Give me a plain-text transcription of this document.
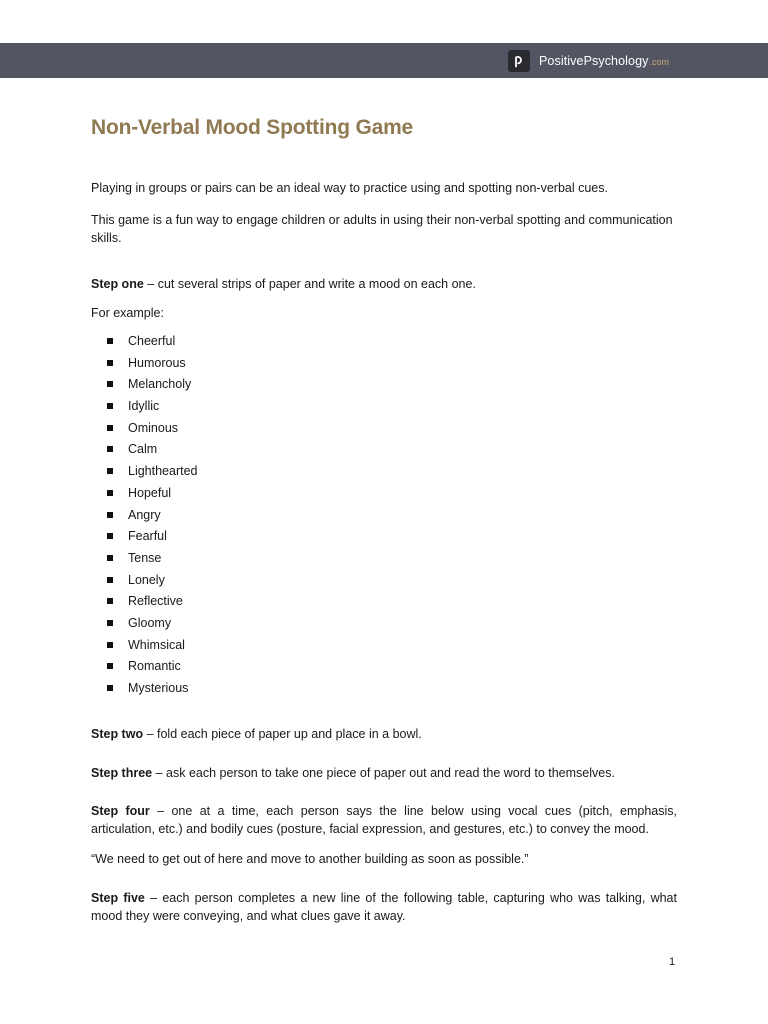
PositivePsychology.com
Non-Verbal Mood Spotting Game

Playing in groups or pairs can be an ideal way to practice using and spotting non-verbal cues.

This game is a fun way to engage children or adults in using their non-verbal spotting and communication skills.

Step one – cut several strips of paper and write a mood on each one.

For example:

Cheerful
Humorous
Melancholy
Idyllic
Ominous
Calm
Lighthearted
Hopeful
Angry
Fearful
Tense
Lonely
Reflective
Gloomy
Whimsical
Romantic
Mysterious

Step two – fold each piece of paper up and place in a bowl.

Step three – ask each person to take one piece of paper out and read the word to themselves.

Step four – one at a time, each person says the line below using vocal cues (pitch, emphasis, articulation, etc.) and bodily cues (posture, facial expression, and gestures, etc.) to convey the mood.

“We need to get out of here and move to another building as soon as possible.”

Step five – each person completes a new line of the following table, capturing who was talking, what mood they were conveying, and what clues gave it away.

1
